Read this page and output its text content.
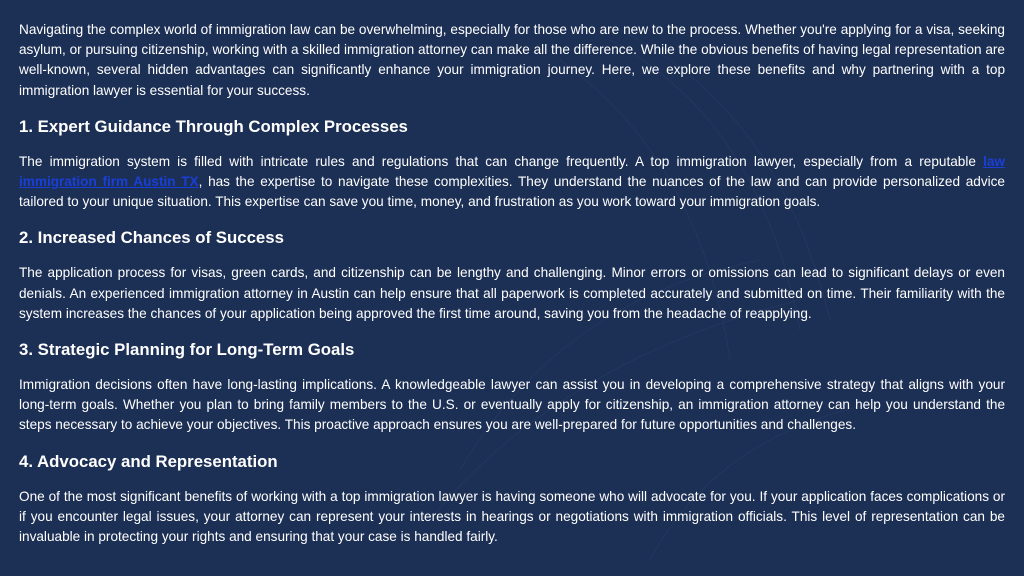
Navigating the complex world of immigration law can be overwhelming, especially for those who are new to the process. Whether you're applying for a visa, seeking asylum, or pursuing citizenship, working with a skilled immigration attorney can make all the difference. While the obvious benefits of having legal representation are well-known, several hidden advantages can significantly enhance your immigration journey. Here, we explore these benefits and why partnering with a top immigration lawyer is essential for your success.

1. Expert Guidance Through Complex Processes

The immigration system is filled with intricate rules and regulations that can change frequently. A top immigration lawyer, especially from a reputable law immigration firm Austin TX, has the expertise to navigate these complexities. They understand the nuances of the law and can provide personalized advice tailored to your unique situation. This expertise can save you time, money, and frustration as you work toward your immigration goals.

2. Increased Chances of Success

The application process for visas, green cards, and citizenship can be lengthy and challenging. Minor errors or omissions can lead to significant delays or even denials. An experienced immigration attorney in Austin can help ensure that all paperwork is completed accurately and submitted on time. Their familiarity with the system increases the chances of your application being approved the first time around, saving you from the headache of reapplying.

3. Strategic Planning for Long-Term Goals

Immigration decisions often have long-lasting implications. A knowledgeable lawyer can assist you in developing a comprehensive strategy that aligns with your long-term goals. Whether you plan to bring family members to the U.S. or eventually apply for citizenship, an immigration attorney can help you understand the steps necessary to achieve your objectives. This proactive approach ensures you are well-prepared for future opportunities and challenges.

4. Advocacy and Representation

One of the most significant benefits of working with a top immigration lawyer is having someone who will advocate for you. If your application faces complications or if you encounter legal issues, your attorney can represent your interests in hearings or negotiations with immigration officials. This level of representation can be invaluable in protecting your rights and ensuring that your case is handled fairly.
